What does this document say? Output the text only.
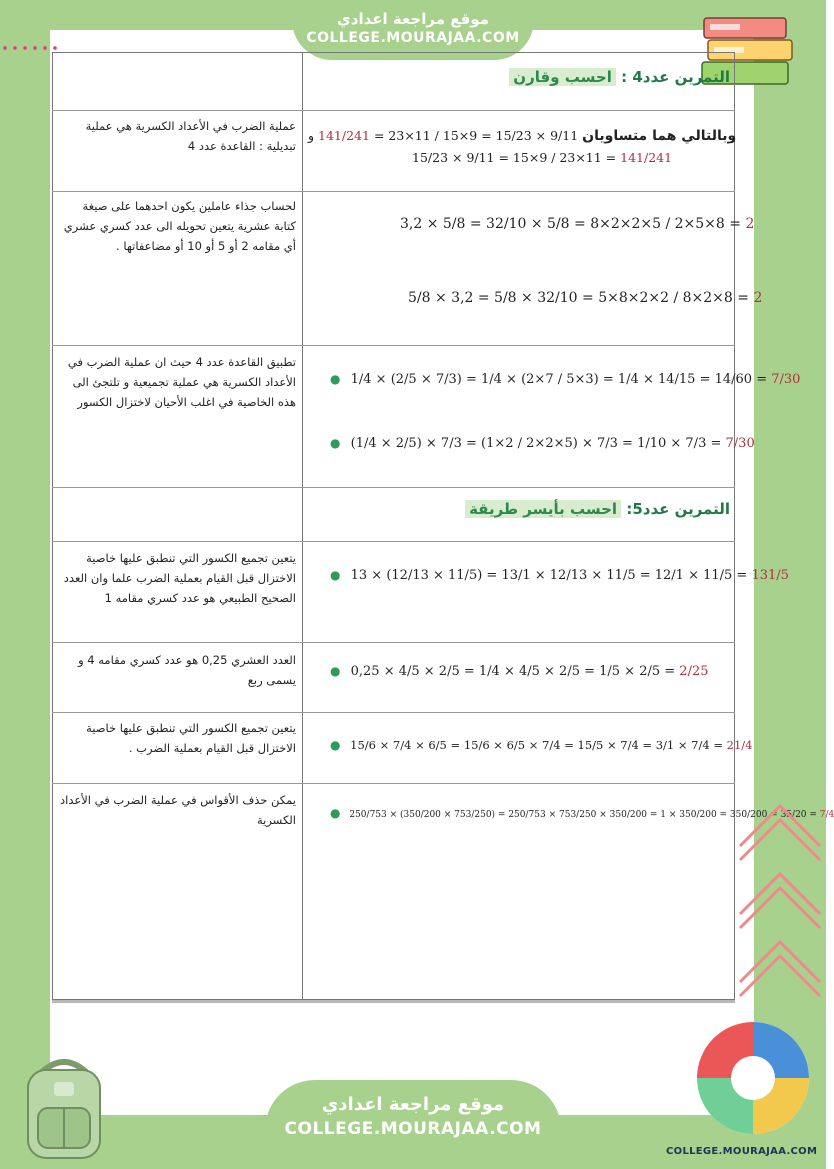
موقع مراجعة اعدادي
COLLEGE.MOURAJAA.COM
التمرين عدد4 : احسب وقارن
عملية الضرب في الأعداد الكسرية هي عملية تبديلية : القاعدة عدد 4
لحساب جذاء عاملين يكون احدهما على صيغة كتابة عشرية يتعين تحويله الى عدد كسري عشري أي مقامه 2 أو 5 أو 10 أو مضاعفاتها .
تطبيق القاعدة عدد 4 حيث ان عملية الضرب في الأعداد الكسرية هي عملية تجميعية و تلتجئ الى هذه الخاصية في اغلب الأحيان لاختزال الكسور
يتعين تجميع الكسور التي تنطبق عليها خاصية الاختزال قبل القيام بعملية الضرب علما وان العدد الصحيح الطبيعي هو عدد كسري مقامه 1
العدد العشري 0,25 هو عدد كسري مقامه 4 و يسمى ربع
يتعين تجميع الكسور التي تنطبق عليها خاصية الاختزال قبل القيام بعملية الضرب .
يمكن حذف الأقواس في عملية الضرب في الأعداد الكسرية
وبالتالي هما متساويان 9/11 × 15/23 = 9×15 / 11×23 = 141/241 و
15/23 × 9/11 = 15×9 / 23×11 = 141/241
3,2 × 5/8 = 32/10 × 5/8 = 8×2×2×5 / 2×5×8 = 2
5/8 × 3,2 = 5/8 × 32/10 = 5×8×2×2 / 8×2×8 = 2
● 1/4 × (2/5 × 7/3) = 1/4 × (2×7 / 5×3) = 1/4 × 14/15 = 14/60 = 7/30
● (1/4 × 2/5) × 7/3 = (1×2 / 2×2×5) × 7/3 = 1/10 × 7/3 = 7/30
التمرين عدد5: احسب بأيسر طريقة
● 13 × (12/13 × 11/5) = 13/1 × 12/13 × 11/5 = 12/1 × 11/5 = 131/5
● 0,25 × 4/5 × 2/5 = 1/4 × 4/5 × 2/5 = 1/5 × 2/5 = 2/25
● 15/6 × 7/4 × 6/5 = 15/6 × 6/5 × 7/4 = 15/5 × 7/4 = 3/1 × 7/4 = 21/4
● 250/753 × (350/200 × 753/250) = 250/753 × 753/250 × 350/200 = 1 × 350/200 = 350/200 = 35/20 = 7/4
موقع مراجعة اعدادي
COLLEGE.MOURAJAA.COM
COLLEGE.MOURAJAA.COM
